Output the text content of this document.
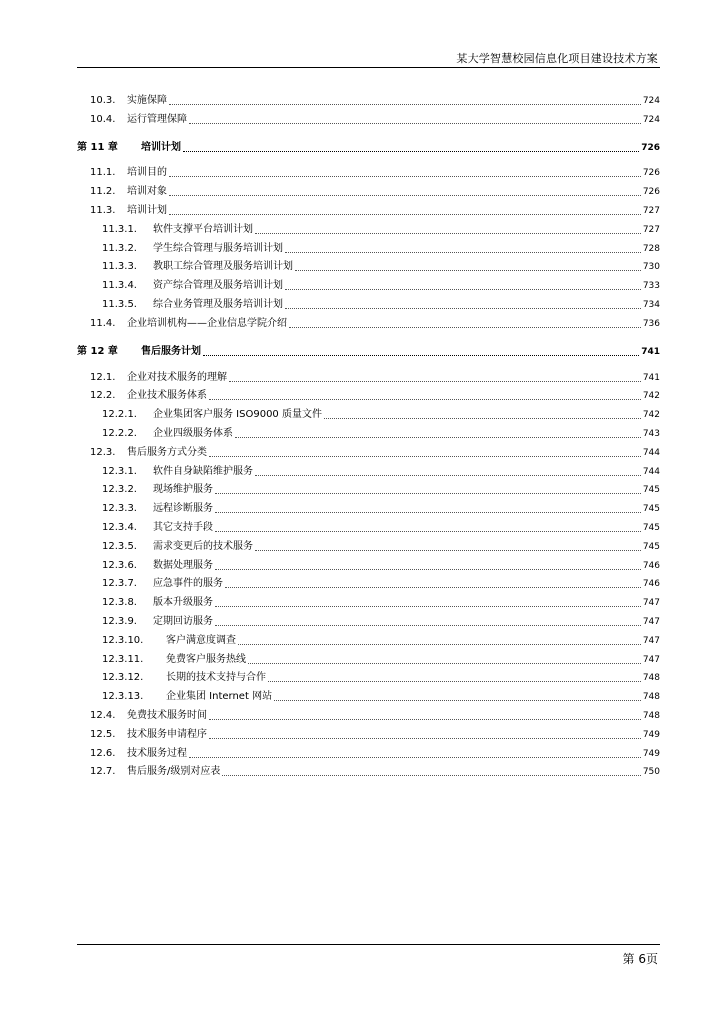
某大学智慧校园信息化项目建设技术方案
10.3.	实施保障	724
10.4.	运行管理保障	724
第 11 章	培训计划	726
11.1.	培训目的	726
11.2.	培训对象	726
11.3.	培训计划	727
11.3.1.	软件支撑平台培训计划	727
11.3.2.	学生综合管理与服务培训计划	728
11.3.3.	教职工综合管理及服务培训计划	730
11.3.4.	资产综合管理及服务培训计划	733
11.3.5.	综合业务管理及服务培训计划	734
11.4.	企业培训机构——企业信息学院介绍	736
第 12 章	售后服务计划	741
12.1.	企业对技术服务的理解	741
12.2.	企业技术服务体系	742
12.2.1.	企业集团客户服务 ISO9000 质量文件	742
12.2.2.	企业四级服务体系	743
12.3.	售后服务方式分类	744
12.3.1.	软件自身缺陷维护服务	744
12.3.2.	现场维护服务	745
12.3.3.	远程诊断服务	745
12.3.4.	其它支持手段	745
12.3.5.	需求变更后的技术服务	745
12.3.6.	数据处理服务	746
12.3.7.	应急事件的服务	746
12.3.8.	版本升级服务	747
12.3.9.	定期回访服务	747
12.3.10.	客户满意度调查	747
12.3.11.	免费客户服务热线	747
12.3.12.	长期的技术支持与合作	748
12.3.13.	企业集团 Internet 网站	748
12.4.	免费技术服务时间	748
12.5.	技术服务申请程序	749
12.6.	技术服务过程	749
12.7.	售后服务/级别对应表	750
第 6页
